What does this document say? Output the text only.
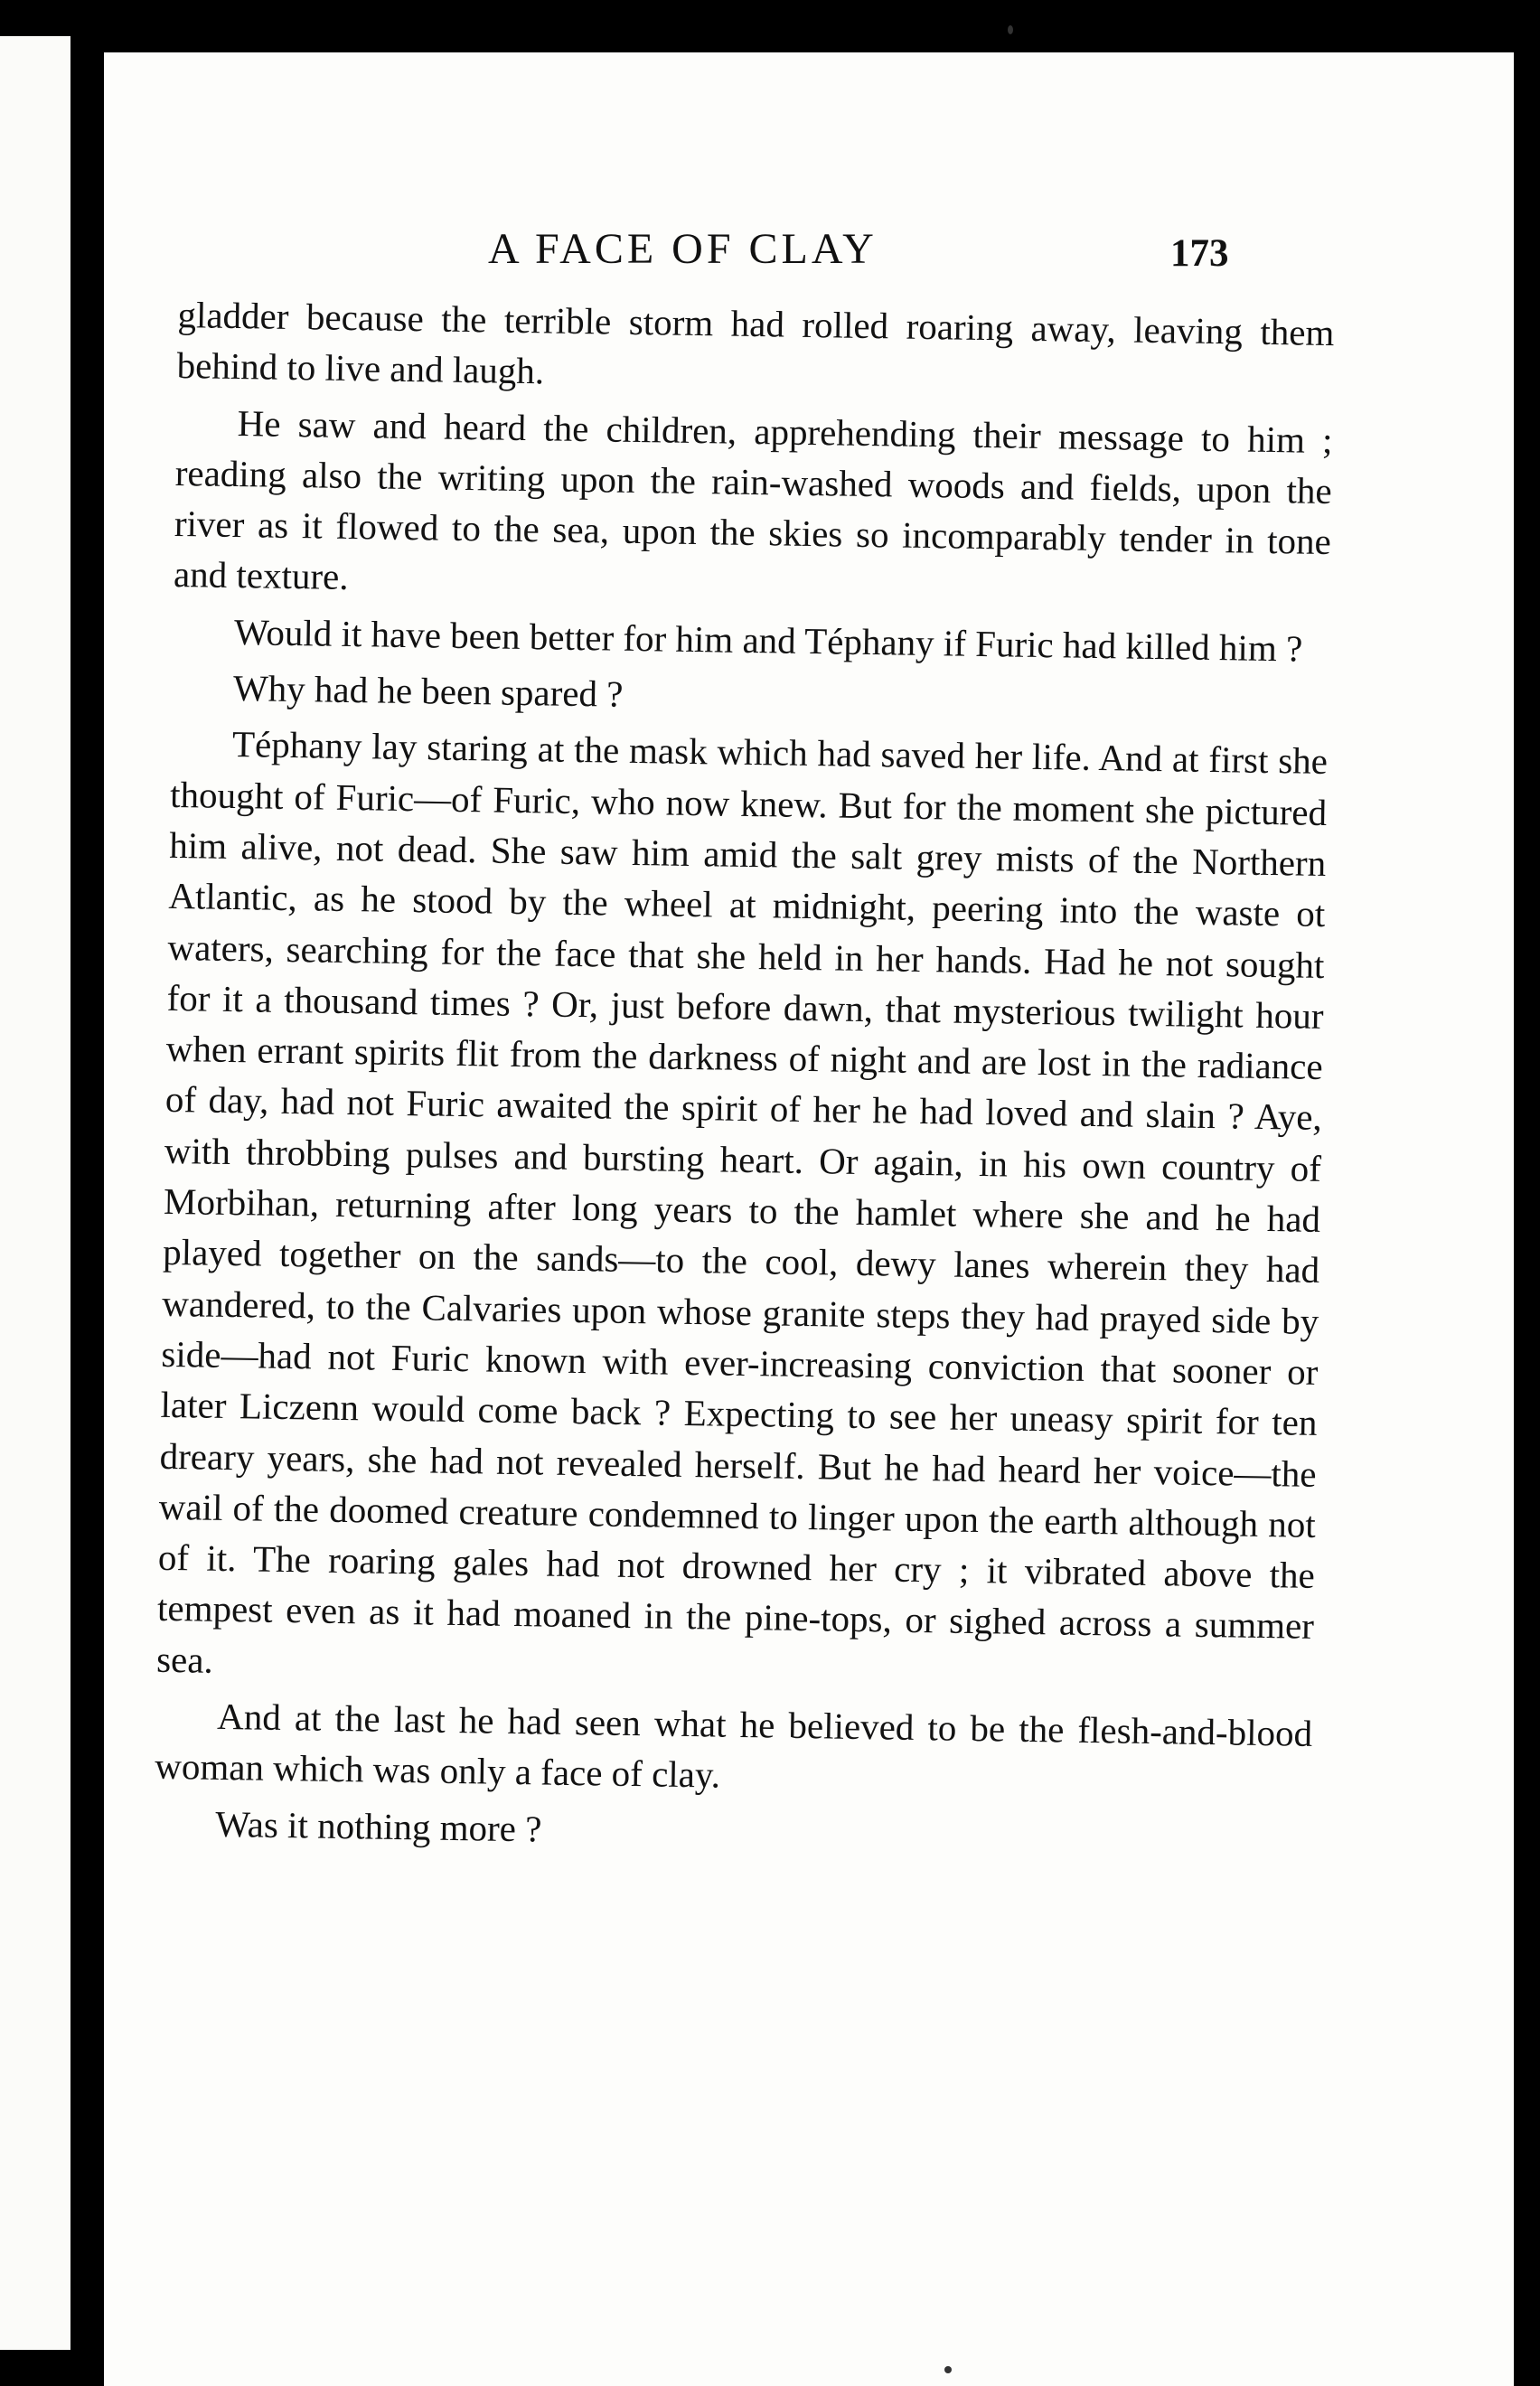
A FACE OF CLAY	173

gladder because the terrible storm had rolled roaring away, leaving them behind to live and laugh.

He saw and heard the children, apprehending their message to him ; reading also the writing upon the rain-washed woods and fields, upon the river as it flowed to the sea, upon the skies so incomparably tender in tone and texture.

Would it have been better for him and Téphany if Furic had killed him ?

Why had he been spared ?

Téphany lay staring at the mask which had saved her life. And at first she thought of Furic—of Furic, who now knew. But for the moment she pictured him alive, not dead. She saw him amid the salt grey mists of the Northern Atlantic, as he stood by the wheel at midnight, peering into the waste ot waters, searching for the face that she held in her hands. Had he not sought for it a thousand times ? Or, just before dawn, that mysterious twilight hour when errant spirits flit from the darkness of night and are lost in the radiance of day, had not Furic awaited the spirit of her he had loved and slain ? Aye, with throbbing pulses and bursting heart. Or again, in his own country of Morbihan, returning after long years to the hamlet where she and he had played together on the sands—to the cool, dewy lanes wherein they had wandered, to the Calvaries upon whose granite steps they had prayed side by side—had not Furic known with ever-increasing conviction that sooner or later Liczenn would come back ? Expecting to see her uneasy spirit for ten dreary years, she had not revealed herself. But he had heard her voice—the wail of the doomed creature condemned to linger upon the earth although not of it. The roaring gales had not drowned her cry ; it vibrated above the tempest even as it had moaned in the pine-tops, or sighed across a summer sea.

And at the last he had seen what he believed to be the flesh-and-blood woman which was only a face of clay.

Was it nothing more ?
